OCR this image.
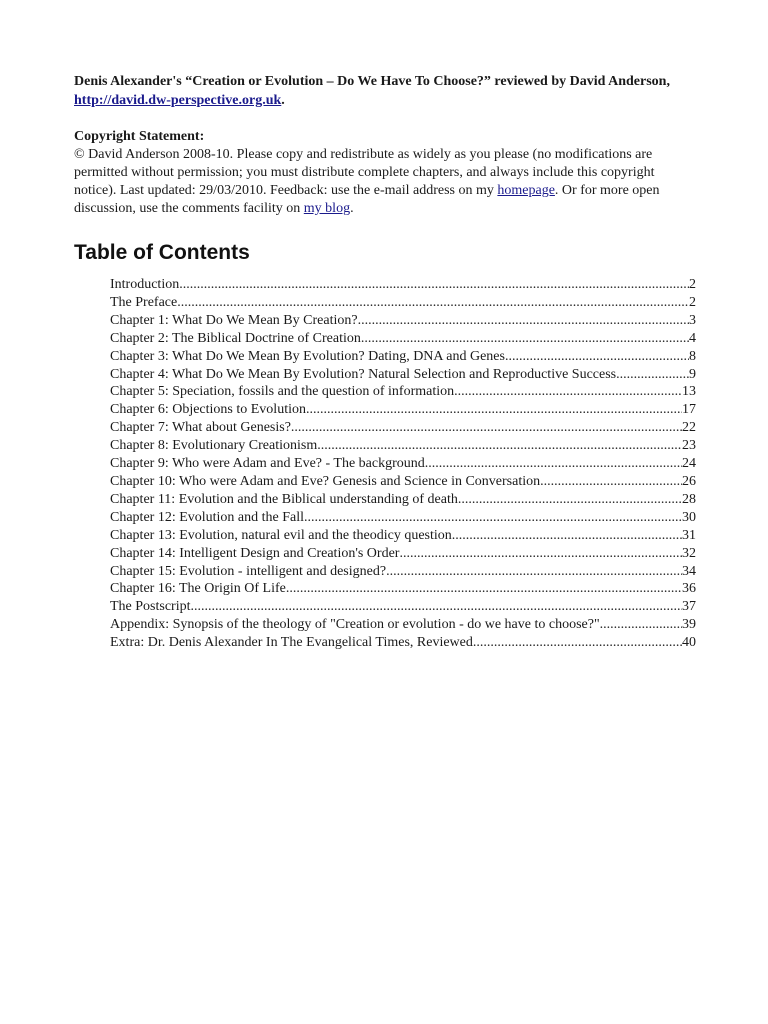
Denis Alexander's “Creation or Evolution – Do We Have To Choose?” reviewed by David Anderson, http://david.dw-perspective.org.uk.

Copyright Statement:

© David Anderson 2008-10. Please copy and redistribute as widely as you please (no modifications are permitted without permission; you must distribute complete chapters, and always include this copyright notice). Last updated: 29/03/2010. Feedback: use the e-mail address on my homepage. Or for more open discussion, use the comments facility on my blog.

Table of Contents
Introduction .....	2
The Preface .....	2
Chapter 1: What Do We Mean By Creation? .....	3
Chapter 2: The Biblical Doctrine of Creation .....	4
Chapter 3: What Do We Mean By Evolution? Dating, DNA and Genes .....	8
Chapter 4: What Do We Mean By Evolution? Natural Selection and Reproductive Success .....	9
Chapter 5: Speciation, fossils and the question of information .....	13
Chapter 6: Objections to Evolution .....	17
Chapter 7: What about Genesis? .....	22
Chapter 8: Evolutionary Creationism .....	23
Chapter 9: Who were Adam and Eve? - The background .....	24
Chapter 10: Who were Adam and Eve? Genesis and Science in Conversation .....	26
Chapter 11: Evolution and the Biblical understanding of death .....	28
Chapter 12: Evolution and the Fall .....	30
Chapter 13: Evolution, natural evil and the theodicy question .....	31
Chapter 14: Intelligent Design and Creation's Order .....	32
Chapter 15: Evolution - intelligent and designed? .....	34
Chapter 16: The Origin Of Life .....	36
The Postscript .....	37
Appendix: Synopsis of the theology of "Creation or evolution - do we have to choose?" .....	39
Extra: Dr. Denis Alexander In The Evangelical Times, Reviewed .....	40
